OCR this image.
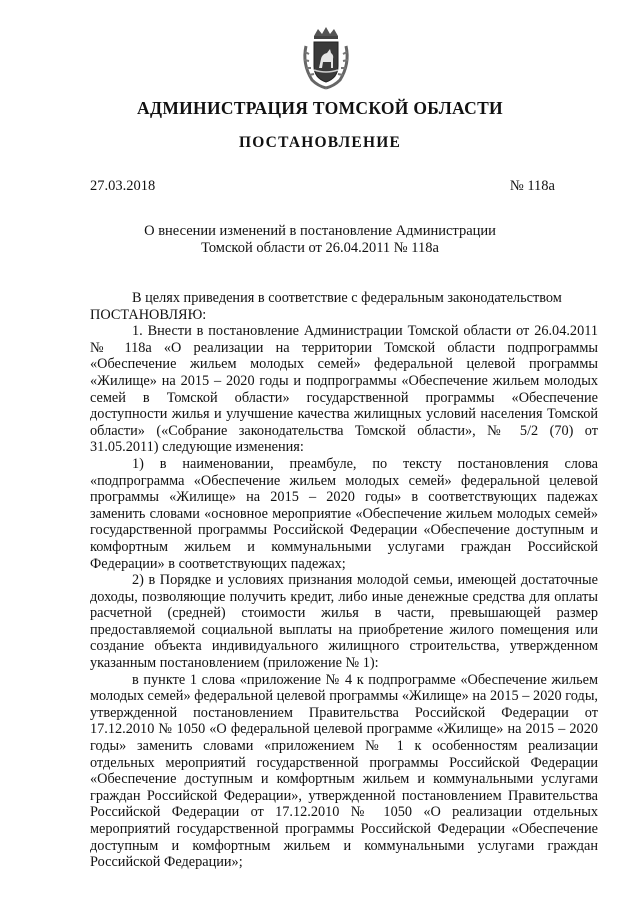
АДМИНИСТРАЦИЯ ТОМСКОЙ ОБЛАСТИ
ПОСТАНОВЛЕНИЕ
27.03.2018	№ 118а
О внесении изменений в постановление Администрации
Томской области от 26.04.2011 № 118а

В целях приведения в соответствие с федеральным законодательством

ПОСТАНОВЛЯЮ:

1. Внести в постановление Администрации Томской области от 26.04.2011 № 118а «О реализации на территории Томской области подпрограммы «Обеспечение жильем молодых семей» федеральной целевой программы «Жилище» на 2015 – 2020 годы и подпрограммы «Обеспечение жильем молодых семей в Томской области» государственной программы «Обеспечение доступности жилья и улучшение качества жилищных условий населения Томской области» («Собрание законодательства Томской области», № 5/2 (70) от 31.05.2011) следующие изменения:

1) в наименовании, преамбуле, по тексту постановления слова «подпрограмма «Обеспечение жильем молодых семей» федеральной целевой программы «Жилище» на 2015 – 2020 годы» в соответствующих падежах заменить словами «основное мероприятие «Обеспечение жильем молодых семей» государственной программы Российской Федерации «Обеспечение доступным и комфортным жильем и коммунальными услугами граждан Российской Федерации» в соответствующих падежах;

2) в Порядке и условиях признания молодой семьи, имеющей достаточные доходы, позволяющие получить кредит, либо иные денежные средства для оплаты расчетной (средней) стоимости жилья в части, превышающей размер предоставляемой социальной выплаты на приобретение жилого помещения или создание объекта индивидуального жилищного строительства, утвержденном указанным постановлением (приложение № 1):

в пункте 1 слова «приложение № 4 к подпрограмме «Обеспечение жильем молодых семей» федеральной целевой программы «Жилище» на 2015 – 2020 годы, утвержденной постановлением Правительства Российской Федерации от 17.12.2010 № 1050 «О федеральной целевой программе «Жилище» на 2015 – 2020 годы» заменить словами «приложением № 1 к особенностям реализации отдельных мероприятий государственной программы Российской Федерации «Обеспечение доступным и комфортным жильем и коммунальными услугами граждан Российской Федерации», утвержденной постановлением Правительства Российской Федерации от 17.12.2010 № 1050 «О реализации отдельных мероприятий государственной программы Российской Федерации «Обеспечение доступным и комфортным жильем и коммунальными услугами граждан Российской Федерации»;
